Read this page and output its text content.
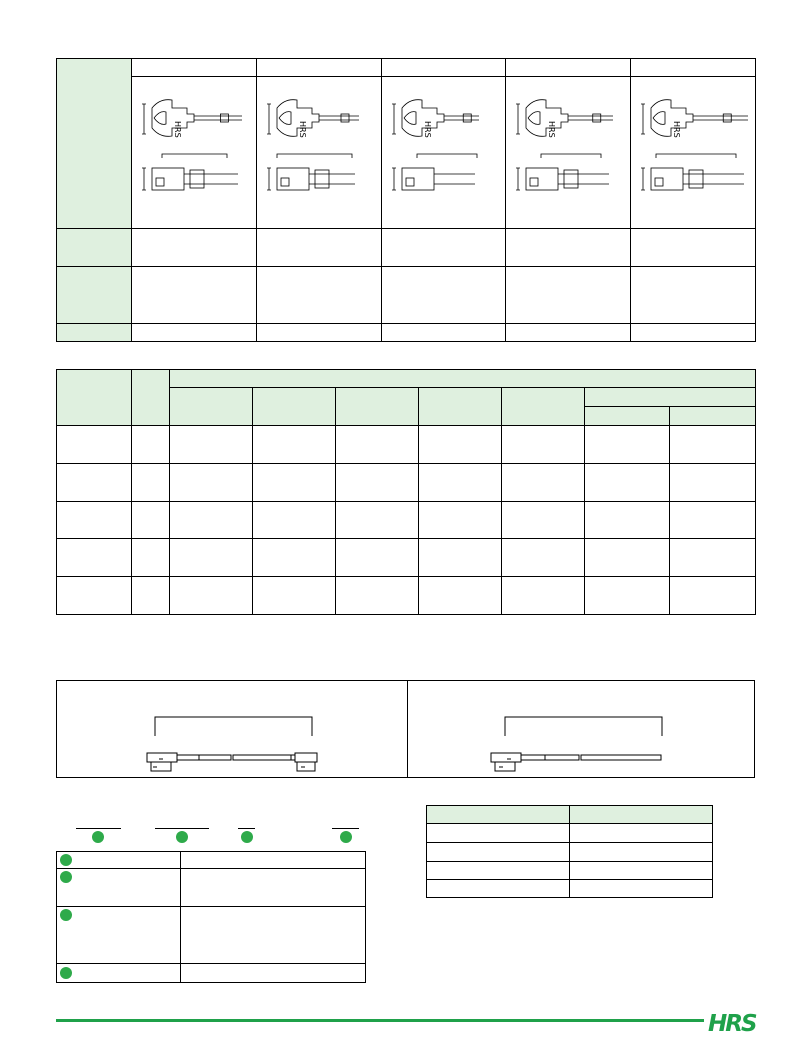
HRS	HRS	HRS	HRS	HRS

HRS
